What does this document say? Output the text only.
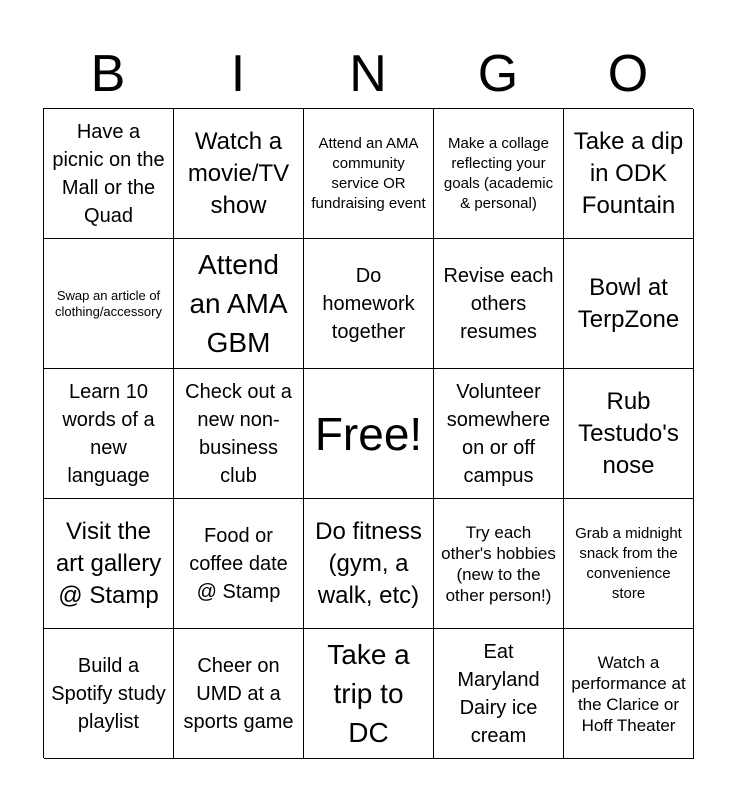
B	I	N	G	O
Have a picnic on the Mall or the Quad
Watch a movie/TV show
Attend an AMA community service OR fundraising event
Make a collage reflecting your goals (academic & personal)
Take a dip in ODK Fountain
Swap an article of clothing/accessory
Attend an AMA GBM
Do homework together
Revise each others resumes
Bowl at TerpZone
Learn 10 words of a new language
Check out a new non-business club
Free!
Volunteer somewhere on or off campus
Rub Testudo's nose
Visit the art gallery @ Stamp
Food or coffee date @ Stamp
Do fitness (gym, a walk, etc)
Try each other's hobbies (new to the other person!)
Grab a midnight snack from the convenience store
Build a Spotify study playlist
Cheer on UMD at a sports game
Take a trip to DC
Eat Maryland Dairy ice cream
Watch a performance at the Clarice or Hoff Theater
